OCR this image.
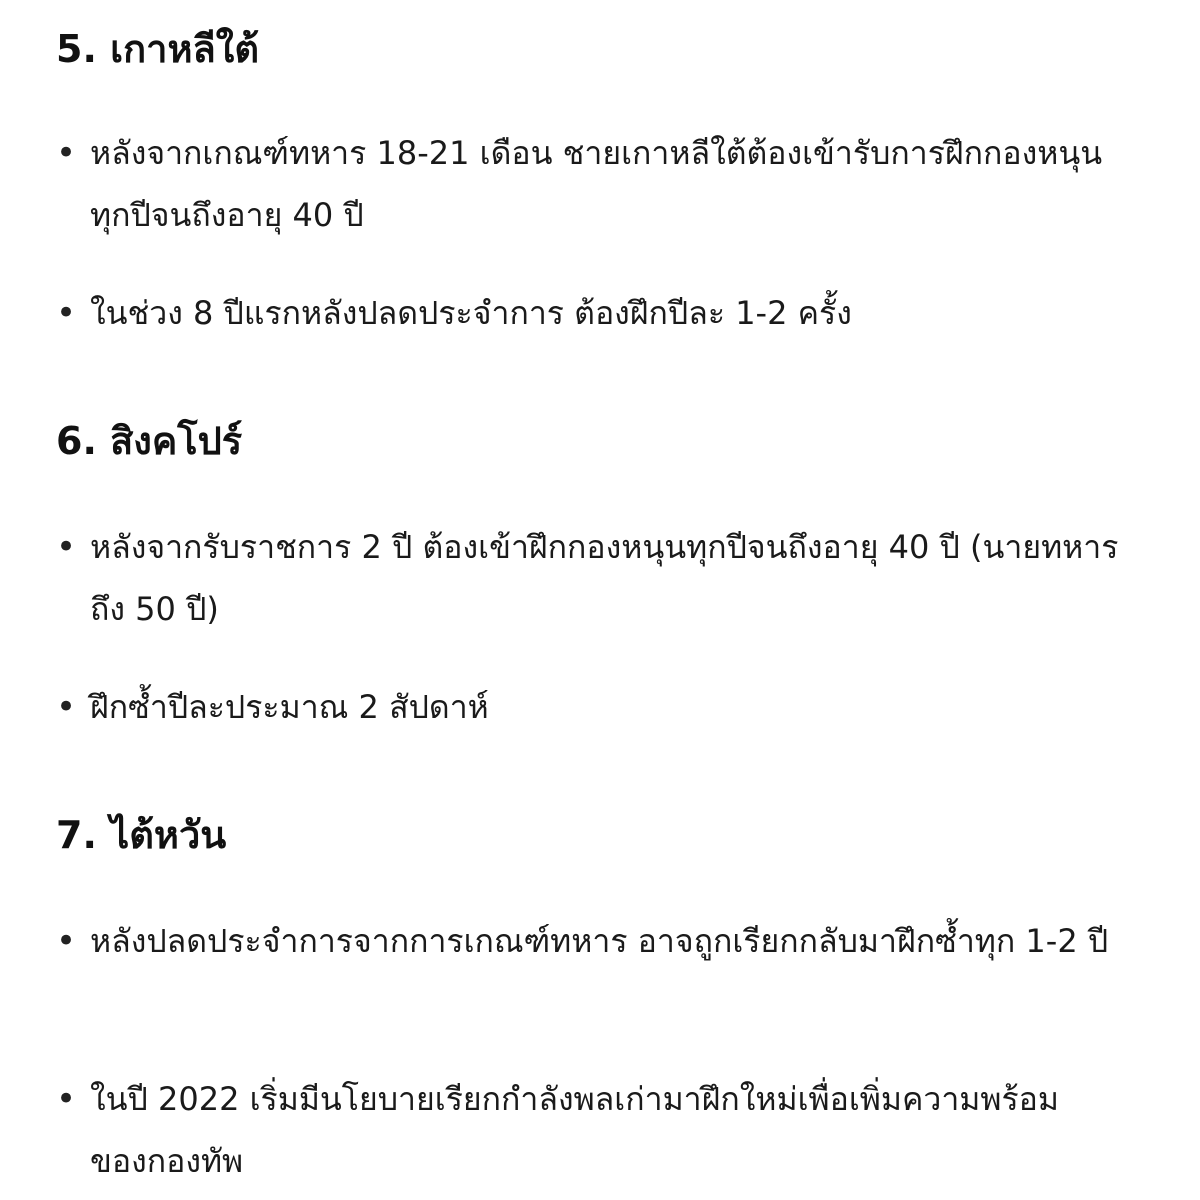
5. เกาหลีใต้
• หลังจากเกณฑ์ทหาร 18-21 เดือน ชายเกาหลีใต้ต้องเข้ารับการฝึกกองหนุนทุกปีจนถึงอายุ 40 ปี
• ในช่วง 8 ปีแรกหลังปลดประจำการ ต้องฝึกปีละ 1-2 ครั้ง
6. สิงคโปร์
• หลังจากรับราชการ 2 ปี ต้องเข้าฝึกกองหนุนทุกปีจนถึงอายุ 40 ปี (นายทหารถึง 50 ปี)
• ฝึกซ้ำปีละประมาณ 2 สัปดาห์
7. ไต้หวัน
• หลังปลดประจำการจากการเกณฑ์ทหาร อาจถูกเรียกกลับมาฝึกซ้ำทุก 1-2 ปี
• ในปี 2022 เริ่มมีนโยบายเรียกกำลังพลเก่ามาฝึกใหม่เพื่อเพิ่มความพร้อมของกองทัพ
